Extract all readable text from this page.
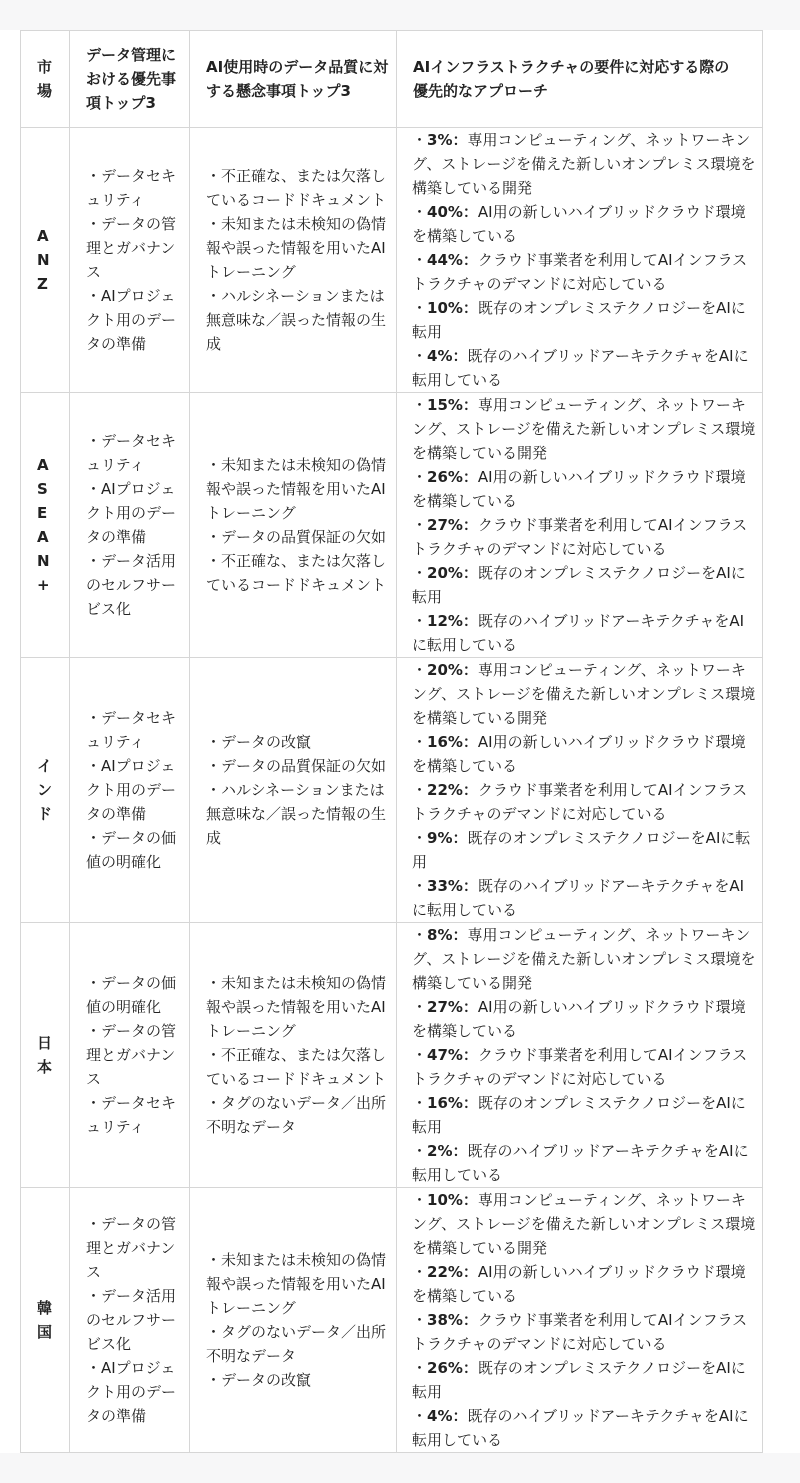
市場	データ管理における優先事項トップ3	AI使用時のデータ品質に対する懸念事項トップ3	AIインフラストラクチャの要件に対応する際の
優先的なアプローチ

ANZ	・データセキュリティ
・データの管理とガバナンス
・AIプロジェクト用のデータの準備	・不正確な、または欠落しているコードドキュメント
・未知または未検知の偽情報や誤った情報を用いたAIトレーニング
・ハルシネーションまたは無意味な／誤った情報の生成	・3%：専用コンピューティング、ネットワーキング、ストレージを備えた新しいオンプレミス環境を構築している開発
・40%：AI用の新しいハイブリッドクラウド環境を構築している
・44%：クラウド事業者を利用してAIインフラストラクチャのデマンドに対応している
・10%：既存のオンプレミステクノロジーをAIに転用
・4%：既存のハイブリッドアーキテクチャをAIに転用している

ASEAN+	・データセキュリティ
・AIプロジェクト用のデータの準備
・データ活用のセルフサービス化	・未知または未検知の偽情報や誤った情報を用いたAIトレーニング
・データの品質保証の欠如
・不正確な、または欠落しているコードドキュメント	・15%：専用コンピューティング、ネットワーキング、ストレージを備えた新しいオンプレミス環境を構築している開発
・26%：AI用の新しいハイブリッドクラウド環境を構築している
・27%：クラウド事業者を利用してAIインフラストラクチャのデマンドに対応している
・20%：既存のオンプレミステクノロジーをAIに転用
・12%：既存のハイブリッドアーキテクチャをAIに転用している

インド	・データセキュリティ
・AIプロジェクト用のデータの準備
・データの価値の明確化	・データの改竄
・データの品質保証の欠如
・ハルシネーションまたは無意味な／誤った情報の生成	・20%：専用コンピューティング、ネットワーキング、ストレージを備えた新しいオンプレミス環境を構築している開発
・16%：AI用の新しいハイブリッドクラウド環境を構築している
・22%：クラウド事業者を利用してAIインフラストラクチャのデマンドに対応している
・9%：既存のオンプレミステクノロジーをAIに転用
・33%：既存のハイブリッドアーキテクチャをAIに転用している

日本	・データの価値の明確化
・データの管理とガバナンス
・データセキュリティ	・未知または未検知の偽情報や誤った情報を用いたAIトレーニング
・不正確な、または欠落しているコードドキュメント
・タグのないデータ／出所不明なデータ	・8%：専用コンピューティング、ネットワーキング、ストレージを備えた新しいオンプレミス環境を構築している開発
・27%：AI用の新しいハイブリッドクラウド環境を構築している
・47%：クラウド事業者を利用してAIインフラストラクチャのデマンドに対応している
・16%：既存のオンプレミステクノロジーをAIに転用
・2%：既存のハイブリッドアーキテクチャをAIに転用している

韓国	・データの管理とガバナンス
・データ活用のセルフサービス化
・AIプロジェクト用のデータの準備	・未知または未検知の偽情報や誤った情報を用いたAIトレーニング
・タグのないデータ／出所不明なデータ
・データの改竄	・10%：専用コンピューティング、ネットワーキング、ストレージを備えた新しいオンプレミス環境を構築している開発
・22%：AI用の新しいハイブリッドクラウド環境を構築している
・38%：クラウド事業者を利用してAIインフラストラクチャのデマンドに対応している
・26%：既存のオンプレミステクノロジーをAIに転用
・4%：既存のハイブリッドアーキテクチャをAIに転用している
